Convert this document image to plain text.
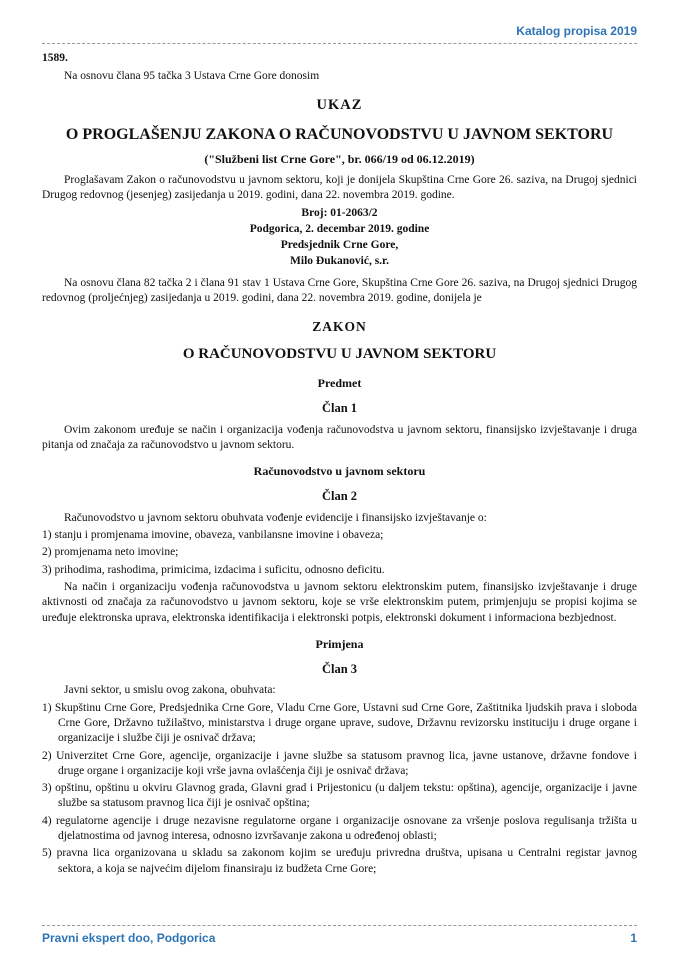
Katalog propisa 2019

1589.

Na osnovu člana 95 tačka 3 Ustava Crne Gore donosim

UKAZ

O PROGLAŠENJU ZAKONA O RAČUNOVODSTVU U JAVNOM SEKTORU

("Službeni list Crne Gore", br. 066/19 od 06.12.2019)

Proglašavam Zakon o računovodstvu u javnom sektoru, koji je donijela Skupština Crne Gore 26. saziva, na Drugoj sjednici Drugog redovnog (jesenjeg) zasijedanja u 2019. godini, dana 22. novembra 2019. godine.

Broj: 01-2063/2

Podgorica, 2. decembar 2019. godine

Predsjednik Crne Gore,

Milo Đukanović, s.r.

Na osnovu člana 82 tačka 2 i člana 91 stav 1 Ustava Crne Gore, Skupština Crne Gore 26. saziva, na Drugoj sjednici Drugog redovnog (proljećnjeg) zasijedanja u 2019. godini, dana 22. novembra 2019. godine, donijela je

ZAKON

O RAČUNOVODSTVU U JAVNOM SEKTORU

Predmet

Član 1

Ovim zakonom uređuje se način i organizacija vođenja računovodstva u javnom sektoru, finansijsko izvještavanje i druga pitanja od značaja za računovodstvo u javnom sektoru.

Računovodstvo u javnom sektoru

Član 2

Računovodstvo u javnom sektoru obuhvata vođenje evidencije i finansijsko izvještavanje o:

1) stanju i promjenama imovine, obaveza, vanbilansne imovine i obaveza;

2) promjenama neto imovine;

3) prihodima, rashodima, primicima, izdacima i suficitu, odnosno deficitu.

Na način i organizaciju vođenja računovodstva u javnom sektoru elektronskim putem, finansijsko izvještavanje i druge aktivnosti od značaja za računovodstvo u javnom sektoru, koje se vrše elektronskim putem, primjenjuju se propisi kojima se uređuje elektronska uprava, elektronska identifikacija i elektronski potpis, elektronski dokument i informaciona bezbjednost.

Primjena

Član 3

Javni sektor, u smislu ovog zakona, obuhvata:

1) Skupštinu Crne Gore, Predsjednika Crne Gore, Vladu Crne Gore, Ustavni sud Crne Gore, Zaštitnika ljudskih prava i sloboda Crne Gore, Državno tužilaštvo, ministarstva i druge organe uprave, sudove, Državnu revizorsku instituciju i druge organe i organizacije i službe čiji je osnivač država;

2) Univerzitet Crne Gore, agencije, organizacije i javne službe sa statusom pravnog lica, javne ustanove, državne fondove i druge organe i organizacije koji vrše javna ovlašćenja čiji je osnivač država;

3) opštinu, opštinu u okviru Glavnog grada, Glavni grad i Prijestonicu (u daljem tekstu: opština), agencije, organizacije i javne službe sa statusom pravnog lica čiji je osnivač opština;

4) regulatorne agencije i druge nezavisne regulatorne organe i organizacije osnovane za vršenje poslova regulisanja tržišta u djelatnostima od javnog interesa, odnosno izvršavanje zakona u određenoj oblasti;

5) pravna lica organizovana u skladu sa zakonom kojim se uređuju privredna društva, upisana u Centralni registar javnog sektora, a koja se najvećim dijelom finansiraju iz budžeta Crne Gore;

Pravni ekspert doo, Podgorica	1
